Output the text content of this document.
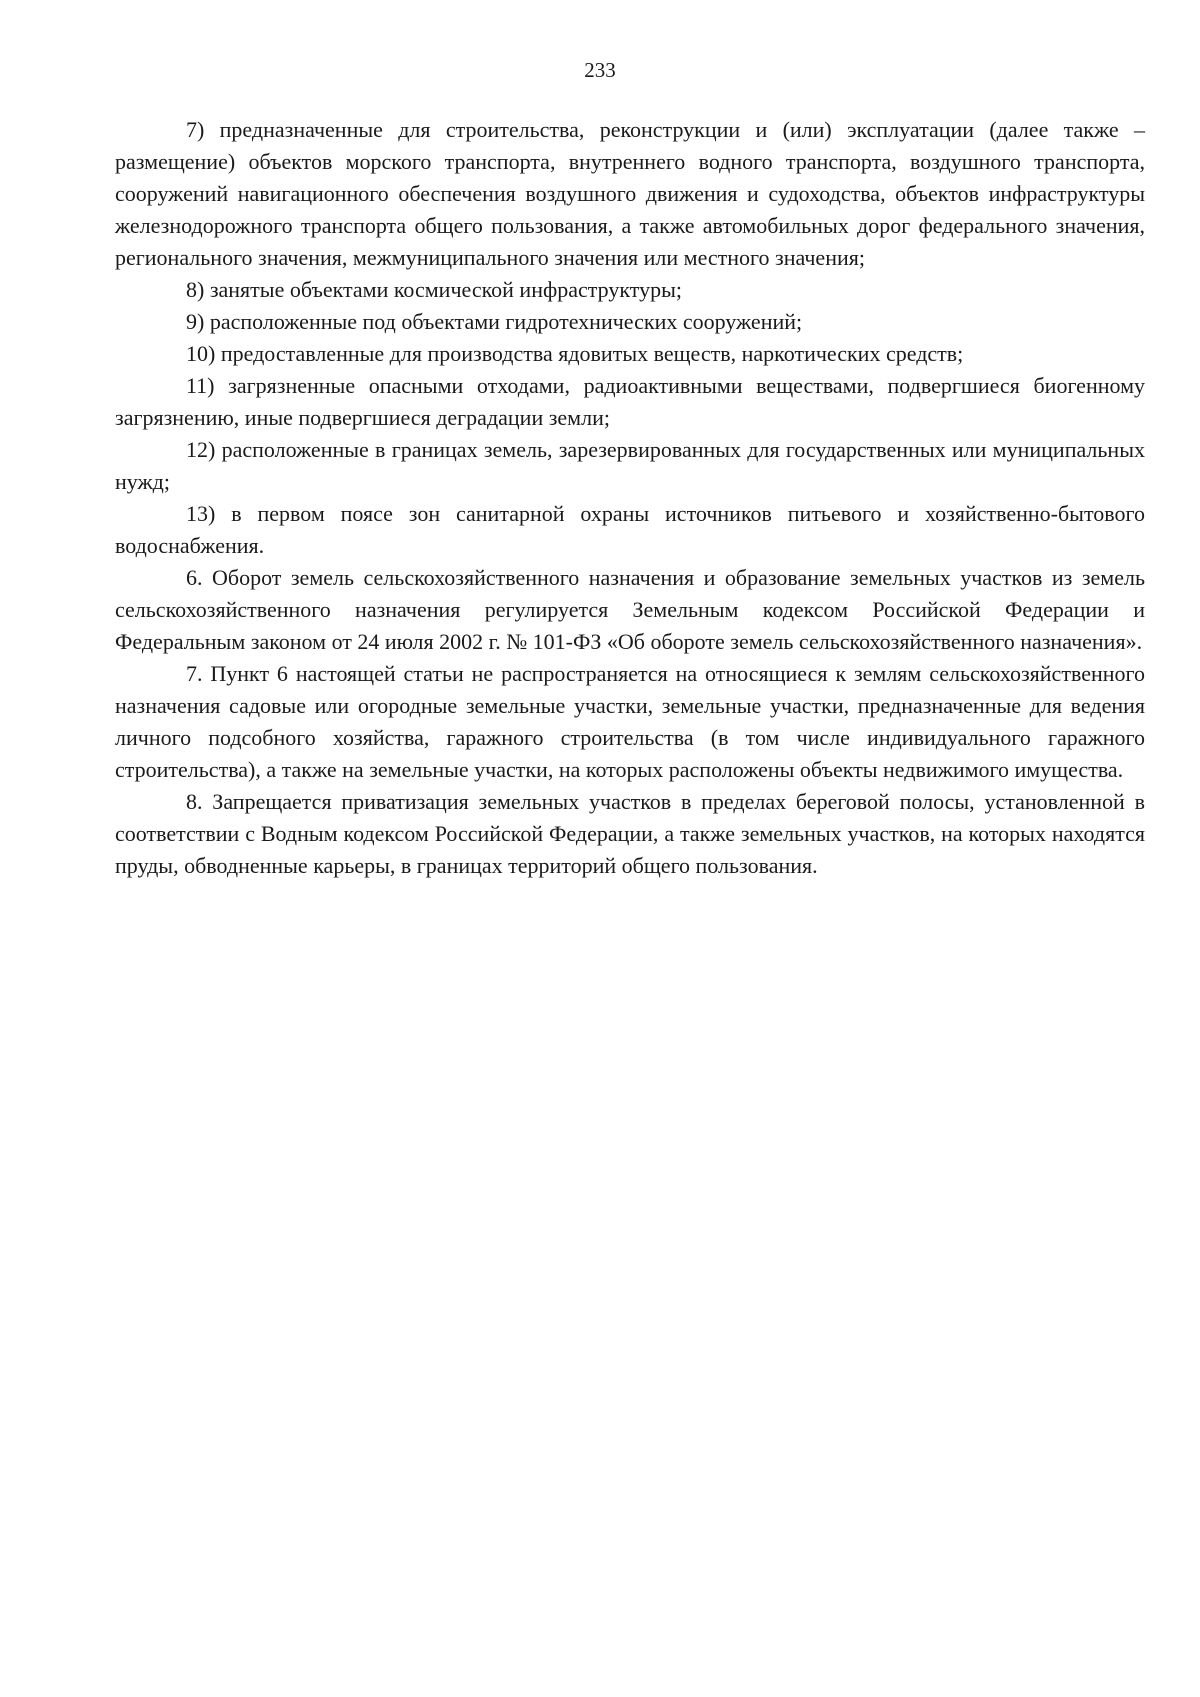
233

7) предназначенные для строительства, реконструкции и (или) эксплуатации (далее также – размещение) объектов морского транспорта, внутреннего водного транспорта, воздушного транспорта, сооружений навигационного обеспечения воздушного движения и судоходства, объектов инфраструктуры железнодорожного транспорта общего пользования, а также автомобильных дорог федерального значения, регионального значения, межмуниципального значения или местного значения;

8) занятые объектами космической инфраструктуры;

9) расположенные под объектами гидротехнических сооружений;

10) предоставленные для производства ядовитых веществ, наркотических средств;

11) загрязненные опасными отходами, радиоактивными веществами, подвергшиеся биогенному загрязнению, иные подвергшиеся деградации земли;

12) расположенные в границах земель, зарезервированных для государственных или муниципальных нужд;

13) в первом поясе зон санитарной охраны источников питьевого и хозяйственно-бытового водоснабжения.

6. Оборот земель сельскохозяйственного назначения и образование земельных участков из земель сельскохозяйственного назначения регулируется Земельным кодексом Российской Федерации и Федеральным законом от 24 июля 2002 г. № 101-ФЗ «Об обороте земель сельскохозяйственного назначения».

7. Пункт 6 настоящей статьи не распространяется на относящиеся к землям сельскохозяйственного назначения садовые или огородные земельные участки, земельные участки, предназначенные для ведения личного подсобного хозяйства, гаражного строительства (в том числе индивидуального гаражного строительства), а также на земельные участки, на которых расположены объекты недвижимого имущества.

8. Запрещается приватизация земельных участков в пределах береговой полосы, установленной в соответствии с Водным кодексом Российской Федерации, а также земельных участков, на которых находятся пруды, обводненные карьеры, в границах территорий общего пользования.
